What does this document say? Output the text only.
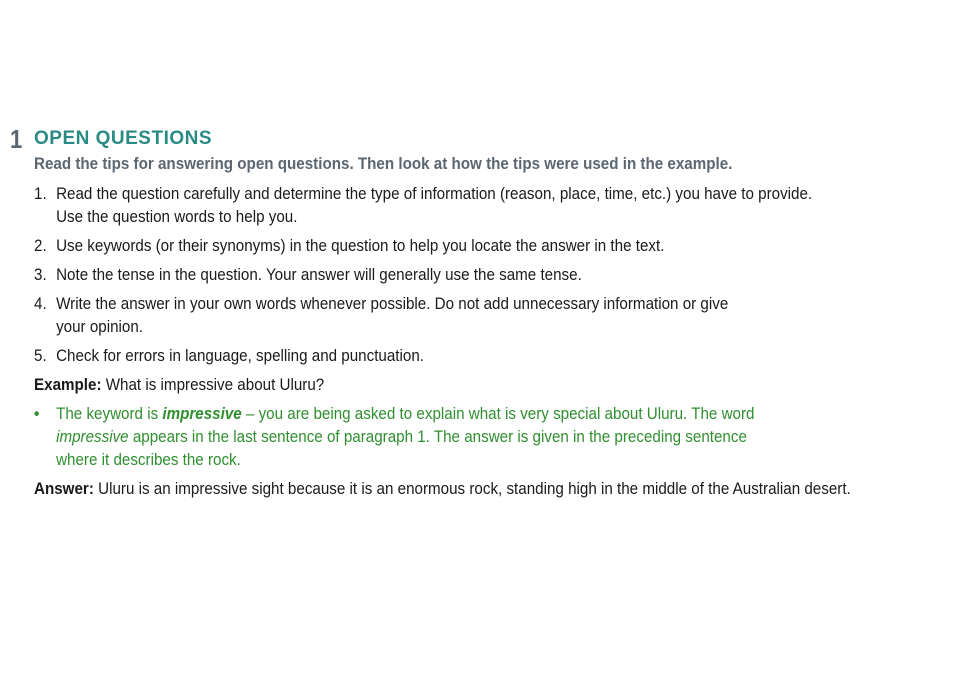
1 OPEN QUESTIONS
Read the tips for answering open questions. Then look at how the tips were used in the example.
1. Read the question carefully and determine the type of information (reason, place, time, etc.) you have to provide.
Use the question words to help you.
2. Use keywords (or their synonyms) in the question to help you locate the answer in the text.
3. Note the tense in the question. Your answer will generally use the same tense.
4. Write the answer in your own words whenever possible. Do not add unnecessary information or give
your opinion.
5. Check for errors in language, spelling and punctuation.
Example: What is impressive about Uluru?
• The keyword is impressive – you are being asked to explain what is very special about Uluru. The word
impressive appears in the last sentence of paragraph 1. The answer is given in the preceding sentence
where it describes the rock.
Answer: Uluru is an impressive sight because it is an enormous rock, standing high in the middle of the Australian desert.
